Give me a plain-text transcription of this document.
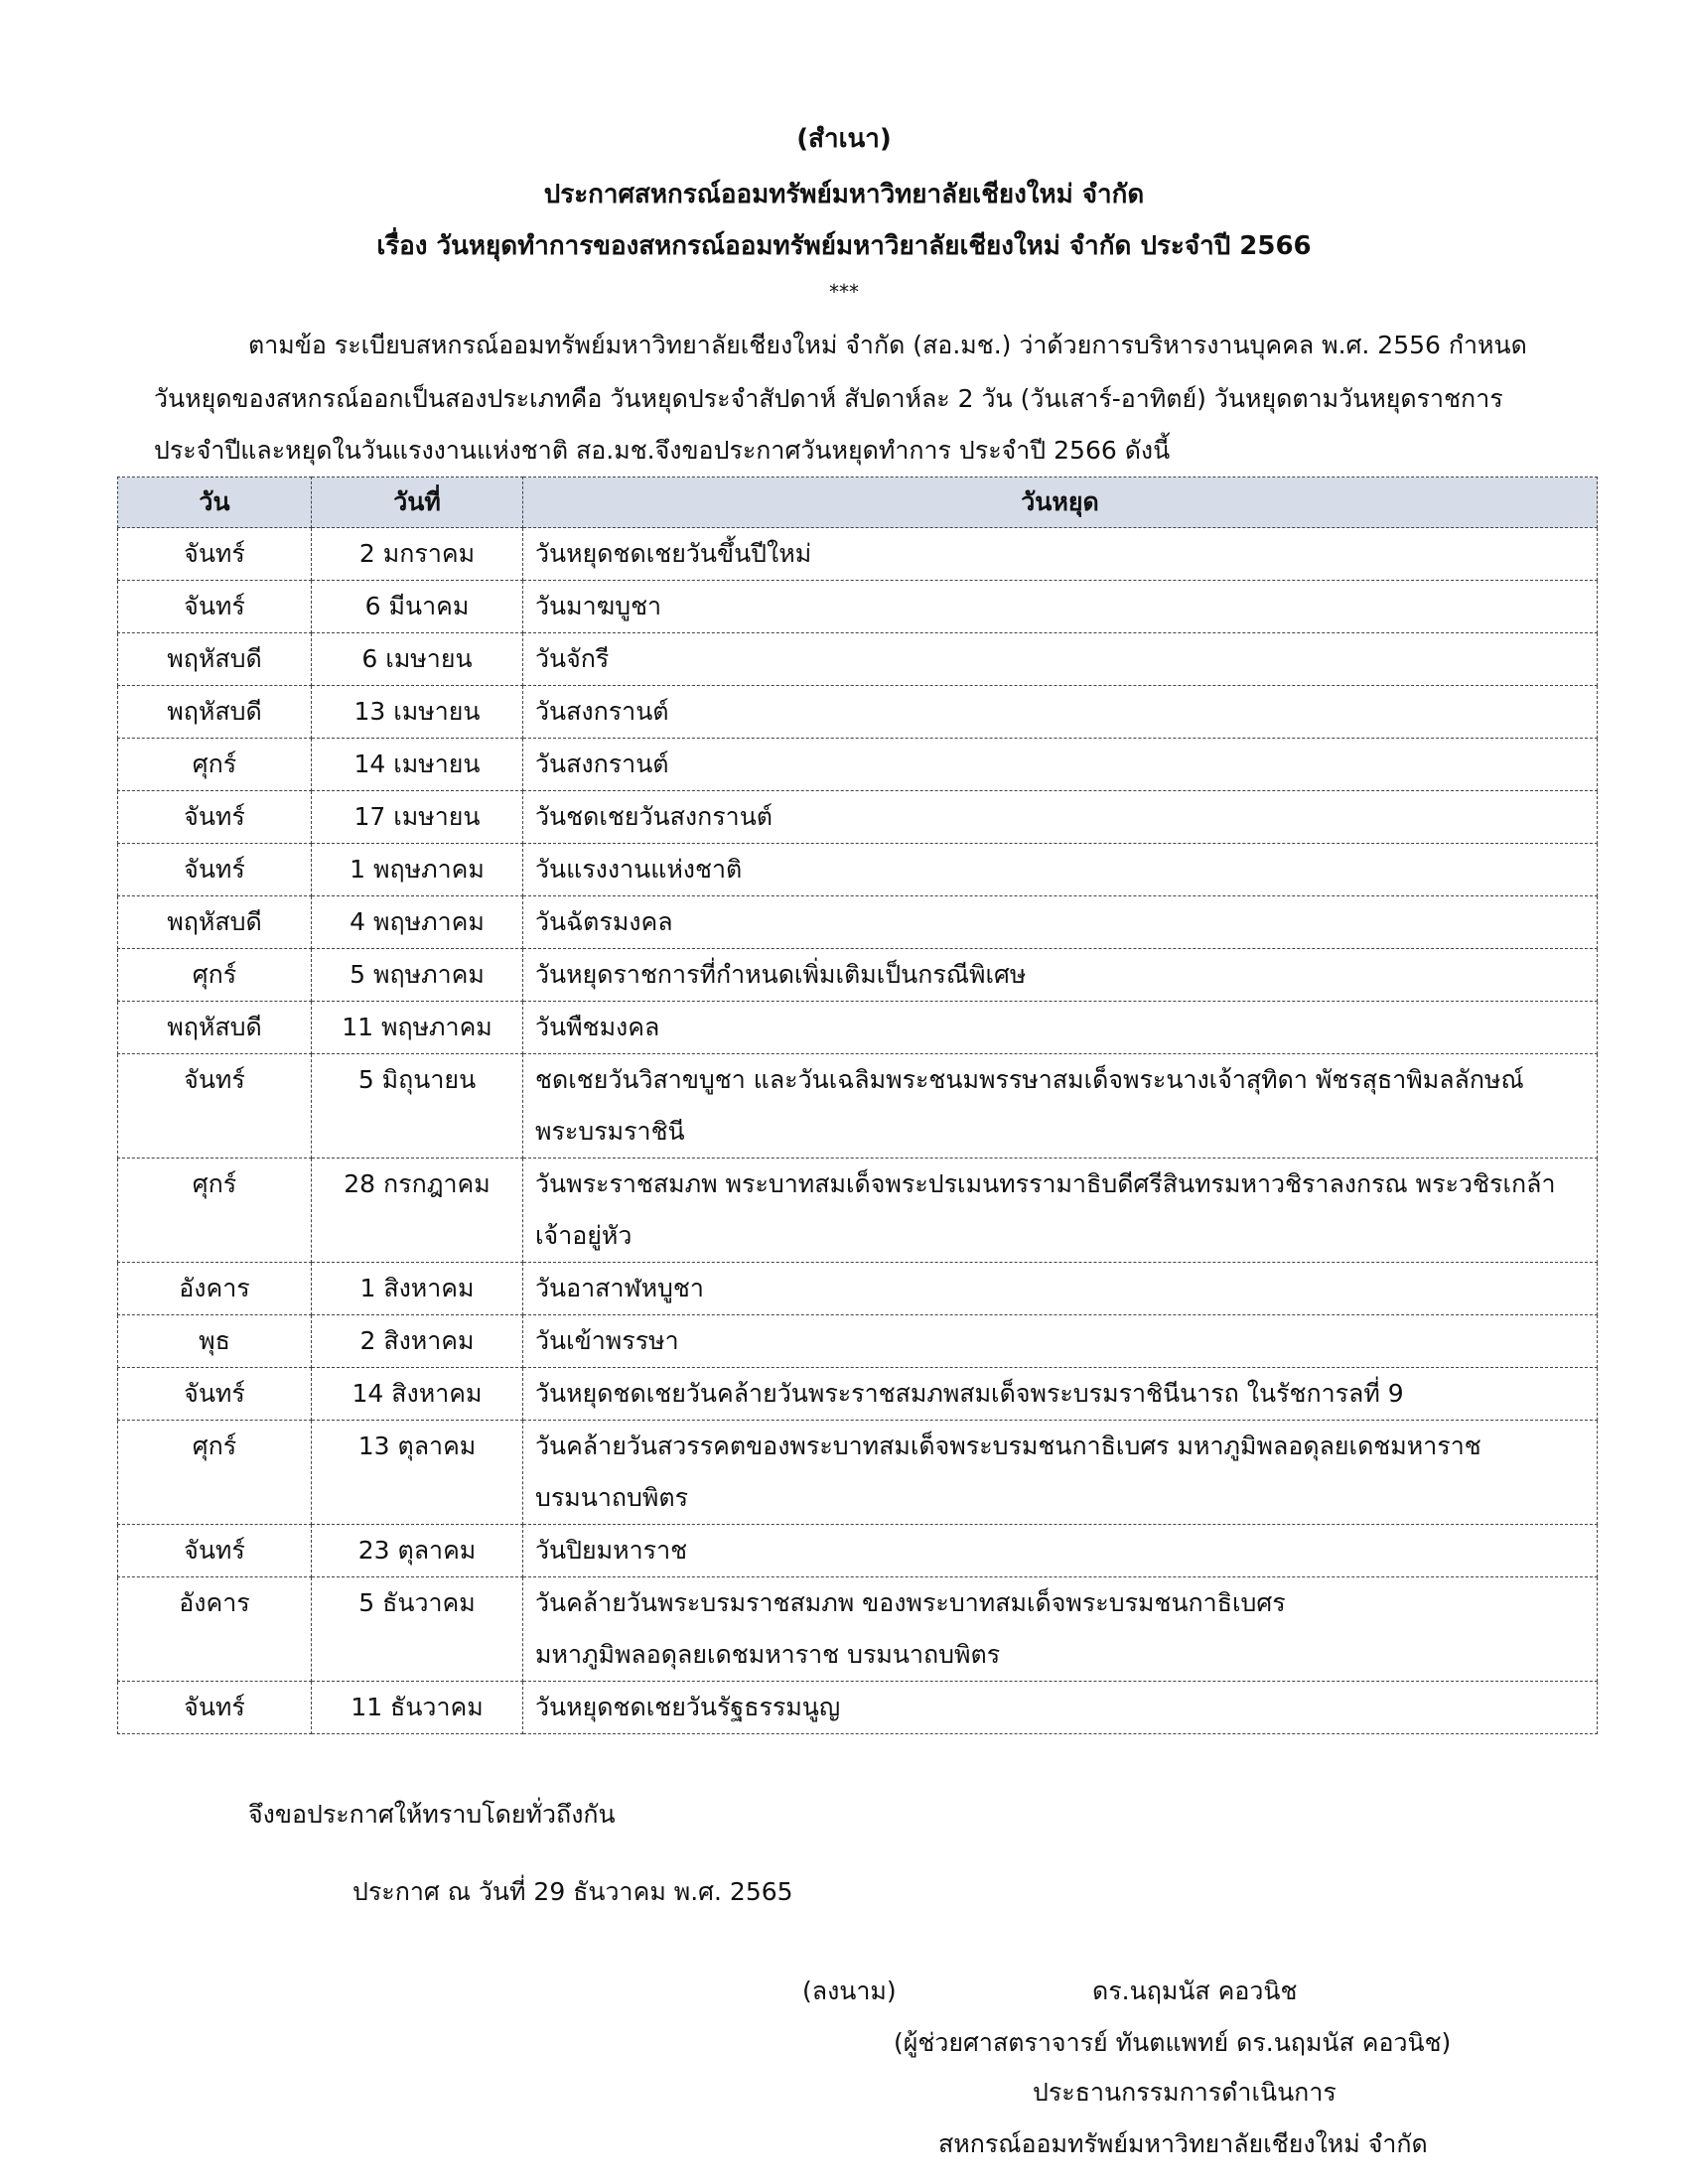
(สำเนา)
ประกาศสหกรณ์ออมทรัพย์มหาวิทยาลัยเชียงใหม่ จำกัด
เรื่อง วันหยุดทำการของสหกรณ์ออมทรัพย์มหาวิยาลัยเชียงใหม่ จำกัด ประจำปี 2566
***
ตามข้อ ระเบียบสหกรณ์ออมทรัพย์มหาวิทยาลัยเชียงใหม่ จำกัด (สอ.มช.) ว่าด้วยการบริหารงานบุคคล พ.ศ. 2556 กำหนด
วันหยุดของสหกรณ์ออกเป็นสองประเภทคือ วันหยุดประจำสัปดาห์ สัปดาห์ละ 2 วัน (วันเสาร์-อาทิตย์) วันหยุดตามวันหยุดราชการ
ประจำปีและหยุดในวันแรงงานแห่งชาติ สอ.มช.จึงขอประกาศวันหยุดทำการ ประจำปี 2566 ดังนี้
วัน	วันที่	วันหยุด
จันทร์	2 มกราคม	วันหยุดชดเชยวันขึ้นปีใหม่

จันทร์	6 มีนาคม	วันมาฆบูชา

พฤหัสบดี	6 เมษายน	วันจักรี

พฤหัสบดี	13 เมษายน	วันสงกรานต์

ศุกร์	14 เมษายน	วันสงกรานต์

จันทร์	17 เมษายน	วันชดเชยวันสงกรานต์

จันทร์	1 พฤษภาคม	วันแรงงานแห่งชาติ

พฤหัสบดี	4 พฤษภาคม	วันฉัตรมงคล

ศุกร์	5 พฤษภาคม	วันหยุดราชการที่กำหนดเพิ่มเติมเป็นกรณีพิเศษ

พฤหัสบดี	11 พฤษภาคม	วันพืชมงคล

จันทร์	5 มิถุนายน	ชดเชยวันวิสาขบูชา และวันเฉลิมพระชนมพรรษาสมเด็จพระนางเจ้าสุทิดา พัชรสุธาพิมลลักษณ์
พระบรมราชินี

ศุกร์	28 กรกฎาคม	วันพระราชสมภพ พระบาทสมเด็จพระปรเมนทรรามาธิบดีศรีสินทรมหาวชิราลงกรณ พระวชิรเกล้า
เจ้าอยู่หัว

อังคาร	1 สิงหาคม	วันอาสาฬหบูชา

พุธ	2 สิงหาคม	วันเข้าพรรษา

จันทร์	14 สิงหาคม	วันหยุดชดเชยวันคล้ายวันพระราชสมภพสมเด็จพระบรมราชินีนารถ ในรัชการลที่ 9

ศุกร์	13 ตุลาคม	วันคล้ายวันสวรรคตของพระบาทสมเด็จพระบรมชนกาธิเบศร มหาภูมิพลอดุลยเดชมหาราช
บรมนาถบพิตร

จันทร์	23 ตุลาคม	วันปิยมหาราช

อังคาร	5 ธันวาคม	วันคล้ายวันพระบรมราชสมภพ ของพระบาทสมเด็จพระบรมชนกาธิเบศร
มหาภูมิพลอดุลยเดชมหาราช บรมนาถบพิตร

จันทร์	11 ธันวาคม	วันหยุดชดเชยวันรัฐธรรมนูญ
จึงขอประกาศให้ทราบโดยทั่วถึงกัน
ประกาศ ณ วันที่ 29 ธันวาคม พ.ศ. 2565
(ลงนาม)	ดร.นฤมนัส คอวนิช
(ผู้ช่วยศาสตราจารย์ ทันตแพทย์ ดร.นฤมนัส คอวนิช)
ประธานกรรมการดำเนินการ
สหกรณ์ออมทรัพย์มหาวิทยาลัยเชียงใหม่ จำกัด
